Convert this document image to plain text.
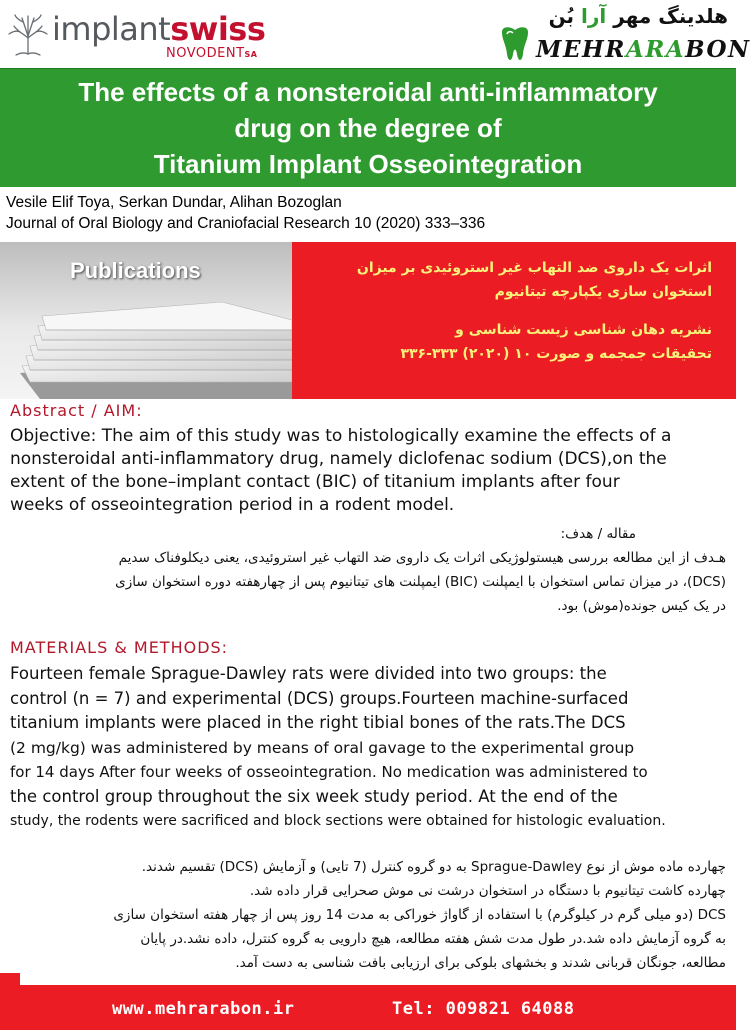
implantswiss
NOVODENTSA
هلدینگ مهر آرا بُن
MEHRARABON
The effects of a nonsteroidal anti-inflammatory
drug on the degree of
Titanium Implant Osseointegration
Vesile Elif Toya, Serkan Dundar, Alihan Bozoglan
Journal of Oral Biology and Craniofacial Research 10 (2020) 333–336
Publications	اثرات یک داروی ضد التهاب غیر استروئیدی بر میزان
استخوان سازی یکپارچه تیتانیوم

نشریه دهان شناسی زیست شناسی و
تحقیقات جمجمه و صورت ۱۰ (۲۰۲۰) ۳۳۳-۳۳۶

Abstract / AIM:
Objective: The aim of this study was to histologically examine the effects of a
nonsteroidal anti-inflammatory drug, namely diclofenac sodium (DCS),on the
extent of the bone–implant contact (BIC) of titanium implants after four
weeks of osseointegration period in a rodent model.
مقاله / هدف:
هـدف از این مطالعه بررسی هیستولوژیکی اثرات یک داروی ضد التهاب غیر استروئیدی، یعنی دیکلوفناک سدیم
(DCS)، در میزان تماس استخوان با ایمپلنت (BIC) ایمپلنت های تیتانیوم پس از چهارهفته دوره استخوان سازی
در یک کیس جونده(موش) بود.
MATERIALS & METHODS:
Fourteen female Sprague-Dawley rats were divided into two groups: the
control (n = 7) and experimental (DCS) groups.Fourteen machine-surfaced
titanium implants were placed in the right tibial bones of the rats.The DCS
(2 mg/kg) was administered by means of oral gavage to the experimental group
for 14 days After four weeks of osseointegration. No medication was administered to
the control group throughout the six week study period. At the end of the
study, the rodents were sacrificed and block sections were obtained for histologic evaluation.
چهارده ماده موش از نوع Sprague-Dawley به دو گروه کنترل (7 تایی) و آزمایش (DCS) تقسیم شدند.
چهارده کاشت تیتانیوم با دستگاه در استخوان درشت نی موش صحرایی قرار داده شد.
DCS (دو میلی گرم در کیلوگرم) با استفاده از گاواژ خوراکی به مدت 14 روز پس از چهار هفته استخوان سازی
به گروه آزمایش داده شد.در طول مدت شش هفته مطالعه، هیچ دارویی به گروه کنترل، داده نشد.در پایان
مطالعه، جونگان قربانی شدند و بخشهای بلوکی برای ارزیابی بافت شناسی به دست آمد.
www.mehrarabon.ir	Tel: 009821 64088
